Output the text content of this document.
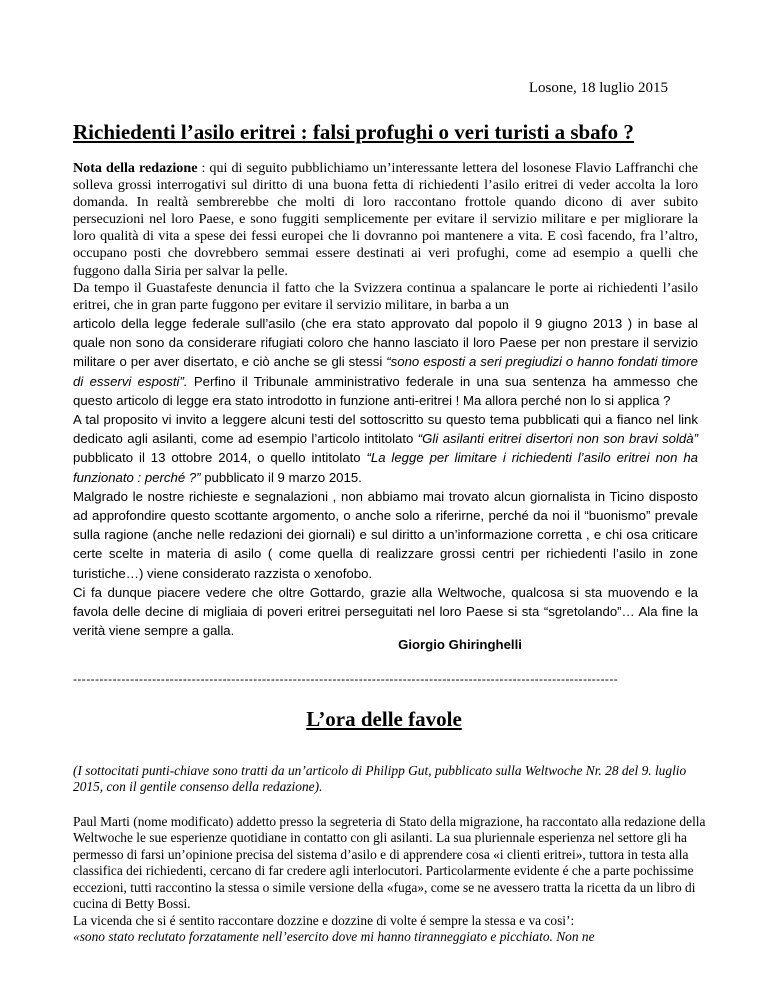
Losone, 18 luglio 2015
Richiedenti l’asilo eritrei : falsi profughi o veri turisti a sbafo ?
Nota della redazione : qui di seguito pubblichiamo un’interessante lettera del losonese Flavio Laffranchi che solleva grossi interrogativi sul diritto di una buona fetta di richiedenti l’asilo eritrei di veder accolta la loro domanda. In realtà sembrerebbe che molti di loro raccontano frottole quando dicono di aver subito persecuzioni nel loro Paese, e sono fuggiti semplicemente per evitare il servizio militare e per migliorare la loro qualità di vita a spese dei fessi europei che li dovranno poi mantenere a vita. E così facendo, fra l’altro, occupano posti che dovrebbero semmai essere destinati ai veri profughi, come ad esempio a quelli che fuggono dalla Siria per salvar la pelle.
Da tempo il Guastafeste denuncia il fatto che la Svizzera continua a spalancare le porte ai richiedenti l’asilo eritrei, che in gran parte fuggono per evitare il servizio militare, in barba a un

articolo della legge federale sull’asilo (che era stato approvato dal popolo il 9 giugno 2013 ) in base al quale non sono da considerare rifugiati coloro che hanno lasciato il loro Paese per non prestare il servizio militare o per aver disertato, e ciò anche se gli stessi “sono esposti a seri pregiudizi o hanno fondati timore di esservi esposti”. Perfino il Tribunale amministrativo federale in una sua sentenza ha ammesso che questo articolo di legge era stato introdotto in funzione anti-eritrei ! Ma allora perché non lo si applica ?

A tal proposito vi invito a leggere alcuni testi del sottoscritto su questo tema pubblicati qui a fianco nel link dedicato agli asilanti, come ad esempio l’articolo intitolato “Gli asilanti eritrei disertori non son bravi soldà” pubblicato il 13 ottobre 2014, o quello intitolato “La legge per limitare i richiedenti l’asilo eritrei non ha funzionato : perché ?” pubblicato il 9 marzo 2015.

Malgrado le nostre richieste e segnalazioni , non abbiamo mai trovato alcun giornalista in Ticino disposto ad approfondire questo scottante argomento, o anche solo a riferirne, perché da noi il “buonismo” prevale sulla ragione (anche nelle redazioni dei giornali) e sul diritto a un’informazione corretta , e chi osa criticare certe scelte in materia di asilo ( come quella di realizzare grossi centri per richiedenti l’asilo in zone turistiche…) viene considerato razzista o xenofobo.

Ci fa dunque piacere vedere che oltre Gottardo, grazie alla Weltwoche, qualcosa si sta muovendo e la favola delle decine di migliaia di poveri eritrei perseguitati nel loro Paese si sta “sgretolando”… Ala fine la verità viene sempre a galla.

Giorgio Ghiringhelli
----------------------------------------------------------------------------------------------------------------------------
L’ora delle favole
(I sottocitati punti-chiave sono tratti da un’articolo di Philipp Gut, pubblicato sulla Weltwoche Nr. 28 del 9. luglio 2015, con il gentile consenso della redazione).
Paul Marti (nome modificato) addetto presso la segreteria di Stato della migrazione, ha raccontato alla redazione della Weltwoche le sue esperienze quotidiane in contatto con gli asilanti. La sua pluriennale esperienza nel settore gli ha permesso di farsi un’opinione precisa del sistema d’asilo e di apprendere cosa «i clienti eritrei», tuttora in testa alla classifica dei richiedenti, cercano di far credere agli interlocutori. Particolarmente evidente é che a parte pochissime eccezioni, tutti raccontino la stessa o simile versione della «fuga», come se ne avessero tratta la ricetta da un libro di cucina di Betty Bossi.

La vicenda che si é sentito raccontare dozzine e dozzine di volte é sempre la stessa e va cosi’:

«sono stato reclutato forzatamente nell’esercito dove mi hanno tiranneggiato e picchiato. Non ne
